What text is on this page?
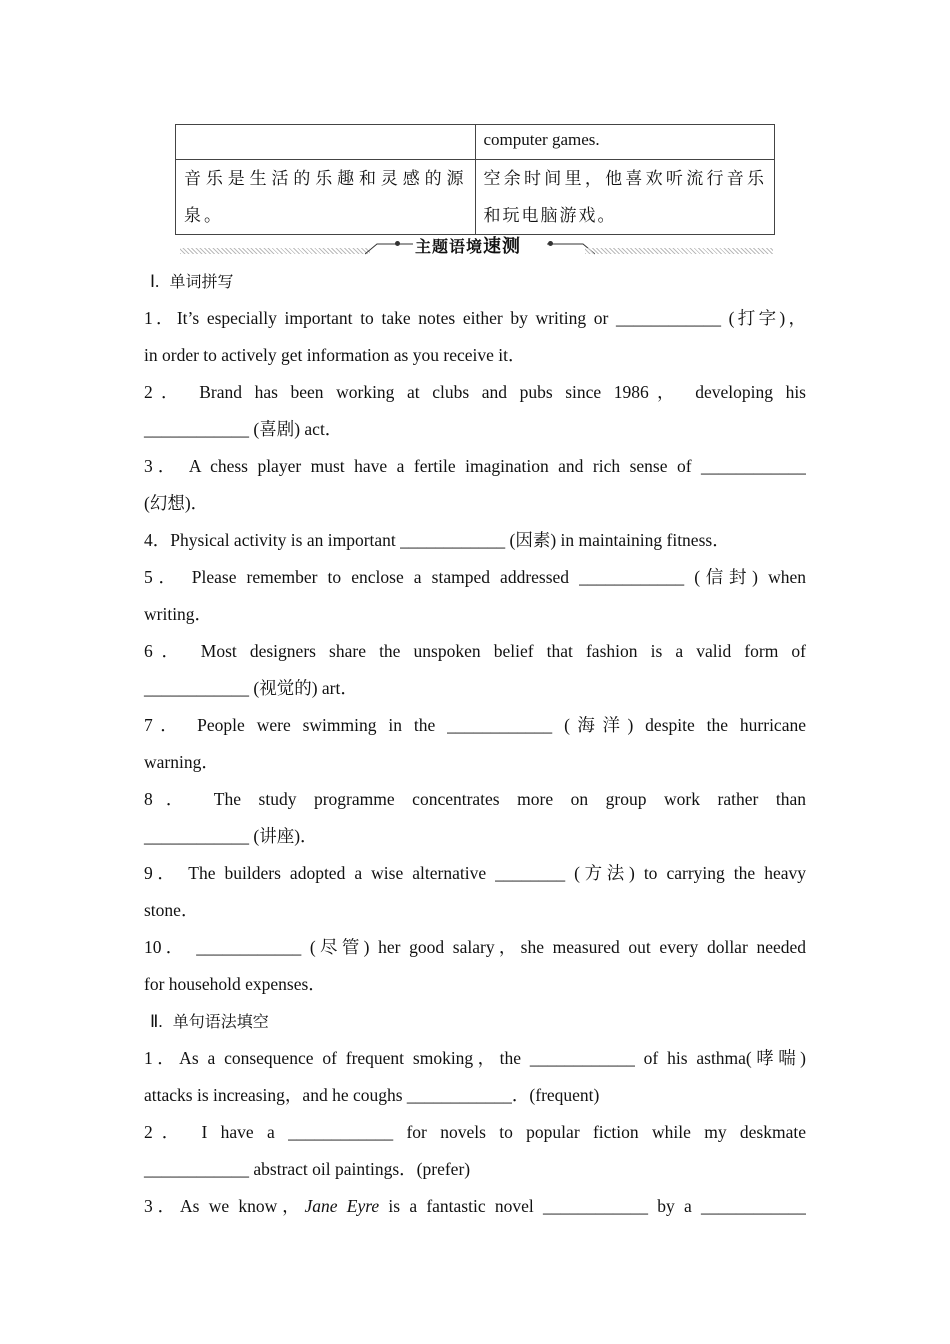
	computer games.
音乐是生活的乐趣和灵感的源泉。	空余时间里，他喜欢听流行音乐和玩电脑游戏。
主题语境速测
Ⅰ. 单词拼写
1．It’s especially important to take notes either by writing or ____________ (打字)，
in order to actively get information as you receive it．
2． Brand has been working at clubs and pubs since 1986， developing his
____________ (喜剧) act．
3． A chess player must have a fertile imagination and rich sense of ____________
(幻想)．
4．Physical activity is an important ____________ (因素) in maintaining fitness．
5． Please remember to enclose a stamped addressed ____________ (信封) when
writing．
6． Most designers share the unspoken belief that fashion is a valid form of
____________ (视觉的) art．
7． People were swimming in the ____________ (海洋) despite the hurricane
warning．
8． The study programme concentrates more on group work rather than
____________ (讲座)．
9． The builders adopted a wise alternative ________ (方法) to carrying the heavy
stone．
10． ____________ (尽管) her good salary，she measured out every dollar needed
for household expenses．
Ⅱ. 单句语法填空
1．As a consequence of frequent smoking，the ____________ of his asthma(哮喘)
attacks is increasing，and he coughs ____________．(frequent)
2． I have a ____________ for novels to popular fiction while my deskmate
____________ abstract oil paintings．(prefer)
3．As we know，Jane Eyre is a fantastic novel ____________ by a ____________
